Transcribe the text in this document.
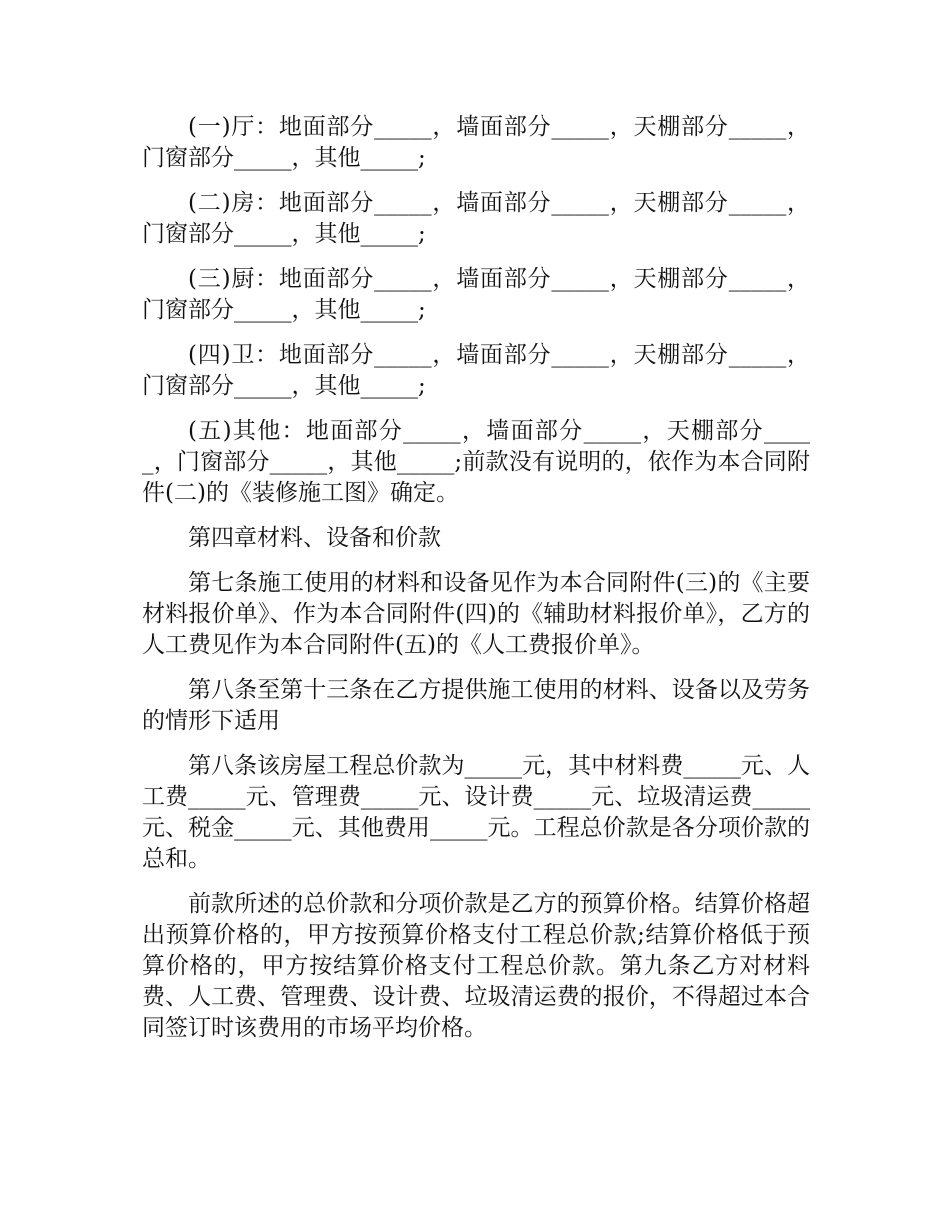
(一)厅：地面部分_____，墙面部分_____，天棚部分_____，门窗部分_____，其他_____;

(二)房：地面部分_____，墙面部分_____，天棚部分_____，门窗部分_____，其他_____;

(三)厨：地面部分_____，墙面部分_____，天棚部分_____，门窗部分_____，其他_____;

(四)卫：地面部分_____，墙面部分_____，天棚部分_____，门窗部分_____，其他_____;

(五)其他：地面部分_____，墙面部分_____，天棚部分_____，门窗部分_____，其他_____;前款没有说明的，依作为本合同附件(二)的《装修施工图》确定。

第四章材料、设备和价款

第七条施工使用的材料和设备见作为本合同附件(三)的《主要材料报价单》、作为本合同附件(四)的《辅助材料报价单》，乙方的人工费见作为本合同附件(五)的《人工费报价单》。

第八条至第十三条在乙方提供施工使用的材料、设备以及劳务的情形下适用

第八条该房屋工程总价款为_____元，其中材料费_____元、人工费_____元、管理费_____元、设计费_____元、垃圾清运费_____元、税金_____元、其他费用_____元。工程总价款是各分项价款的总和。

前款所述的总价款和分项价款是乙方的预算价格。结算价格超出预算价格的，甲方按预算价格支付工程总价款;结算价格低于预算价格的，甲方按结算价格支付工程总价款。第九条乙方对材料费、人工费、管理费、设计费、垃圾清运费的报价，不得超过本合同签订时该费用的市场平均价格。
